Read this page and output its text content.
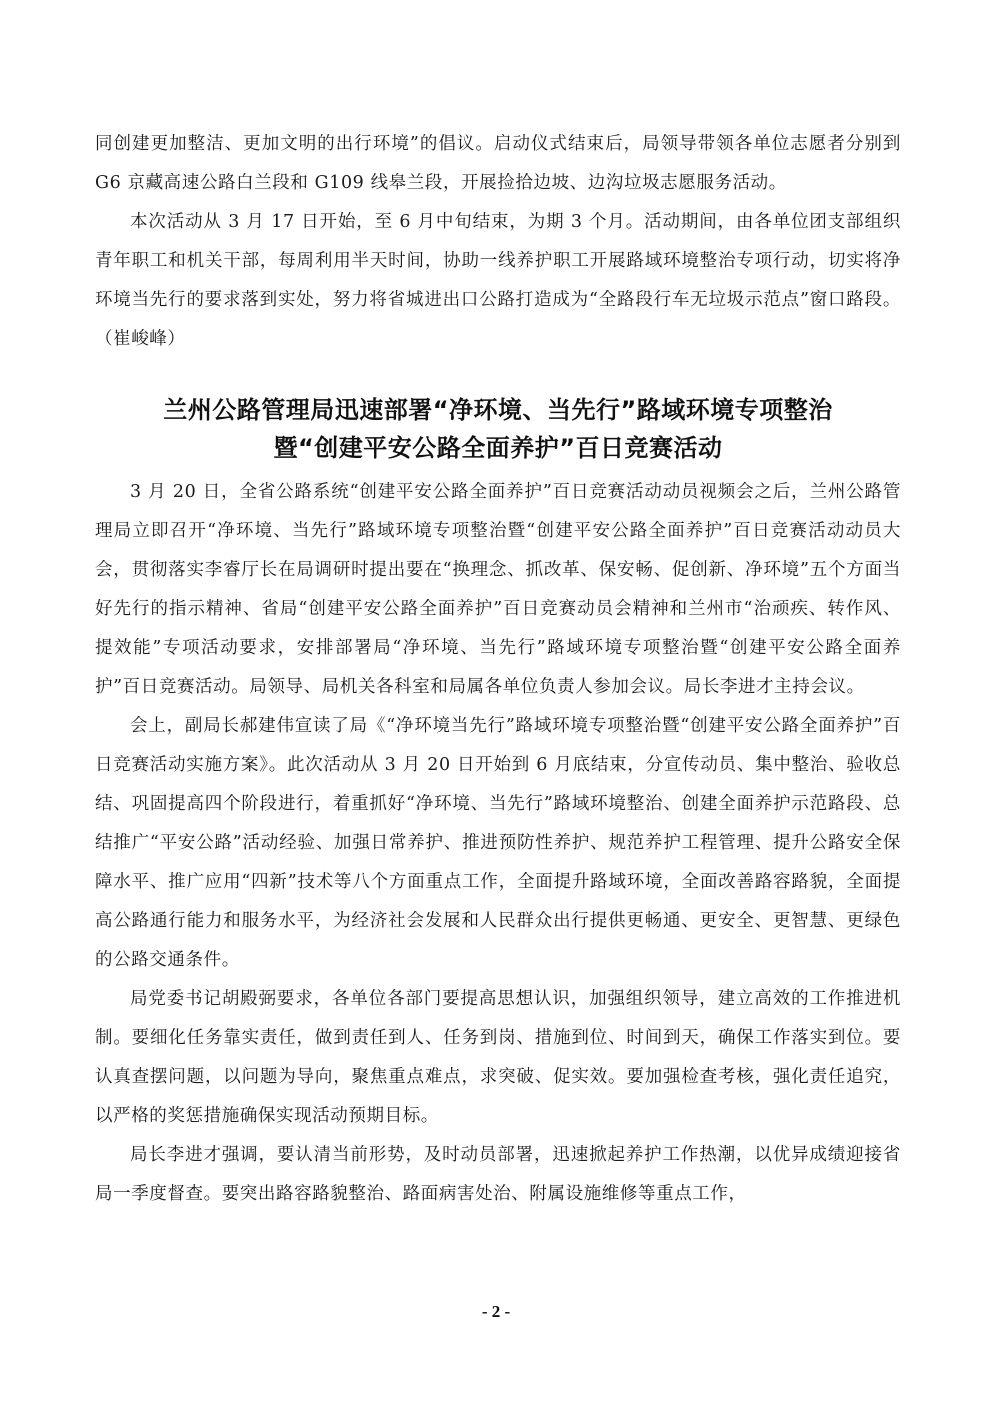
同创建更加整洁、更加文明的出行环境”的倡议。启动仪式结束后，局领导带领各单位志愿者分别到 G6 京藏高速公路白兰段和 G109 线皋兰段，开展捡拾边坡、边沟垃圾志愿服务活动。

本次活动从 3 月 17 日开始，至 6 月中旬结束，为期 3 个月。活动期间，由各单位团支部组织青年职工和机关干部，每周利用半天时间，协助一线养护职工开展路域环境整治专项行动，切实将净环境当先行的要求落到实处，努力将省城进出口公路打造成为“全路段行车无垃圾示范点”窗口路段。（崔峻峰）

兰州公路管理局迅速部署“净环境、当先行”路域环境专项整治
暨“创建平安公路全面养护”百日竞赛活动

3 月 20 日，全省公路系统“创建平安公路全面养护”百日竞赛活动动员视频会之后，兰州公路管理局立即召开“净环境、当先行”路域环境专项整治暨“创建平安公路全面养护”百日竞赛活动动员大会，贯彻落实李睿厅长在局调研时提出要在“换理念、抓改革、保安畅、促创新、净环境”五个方面当好先行的指示精神、省局“创建平安公路全面养护”百日竞赛动员会精神和兰州市“治顽疾、转作风、提效能”专项活动要求，安排部署局“净环境、当先行”路域环境专项整治暨“创建平安公路全面养护”百日竞赛活动。局领导、局机关各科室和局属各单位负责人参加会议。局长李进才主持会议。

会上，副局长郝建伟宣读了局《“净环境当先行”路域环境专项整治暨“创建平安公路全面养护”百日竞赛活动实施方案》。此次活动从 3 月 20 日开始到 6 月底结束，分宣传动员、集中整治、验收总结、巩固提高四个阶段进行，着重抓好“净环境、当先行”路域环境整治、创建全面养护示范路段、总结推广“平安公路”活动经验、加强日常养护、推进预防性养护、规范养护工程管理、提升公路安全保障水平、推广应用“四新”技术等八个方面重点工作，全面提升路域环境，全面改善路容路貌，全面提高公路通行能力和服务水平，为经济社会发展和人民群众出行提供更畅通、更安全、更智慧、更绿色的公路交通条件。

局党委书记胡殿弼要求，各单位各部门要提高思想认识，加强组织领导，建立高效的工作推进机制。要细化任务靠实责任，做到责任到人、任务到岗、措施到位、时间到天，确保工作落实到位。要认真查摆问题，以问题为导向，聚焦重点难点，求突破、促实效。要加强检查考核，强化责任追究，以严格的奖惩措施确保实现活动预期目标。

局长李进才强调，要认清当前形势，及时动员部署，迅速掀起养护工作热潮，以优异成绩迎接省局一季度督查。要突出路容路貌整治、路面病害处治、附属设施维修等重点工作，

- 2 -
